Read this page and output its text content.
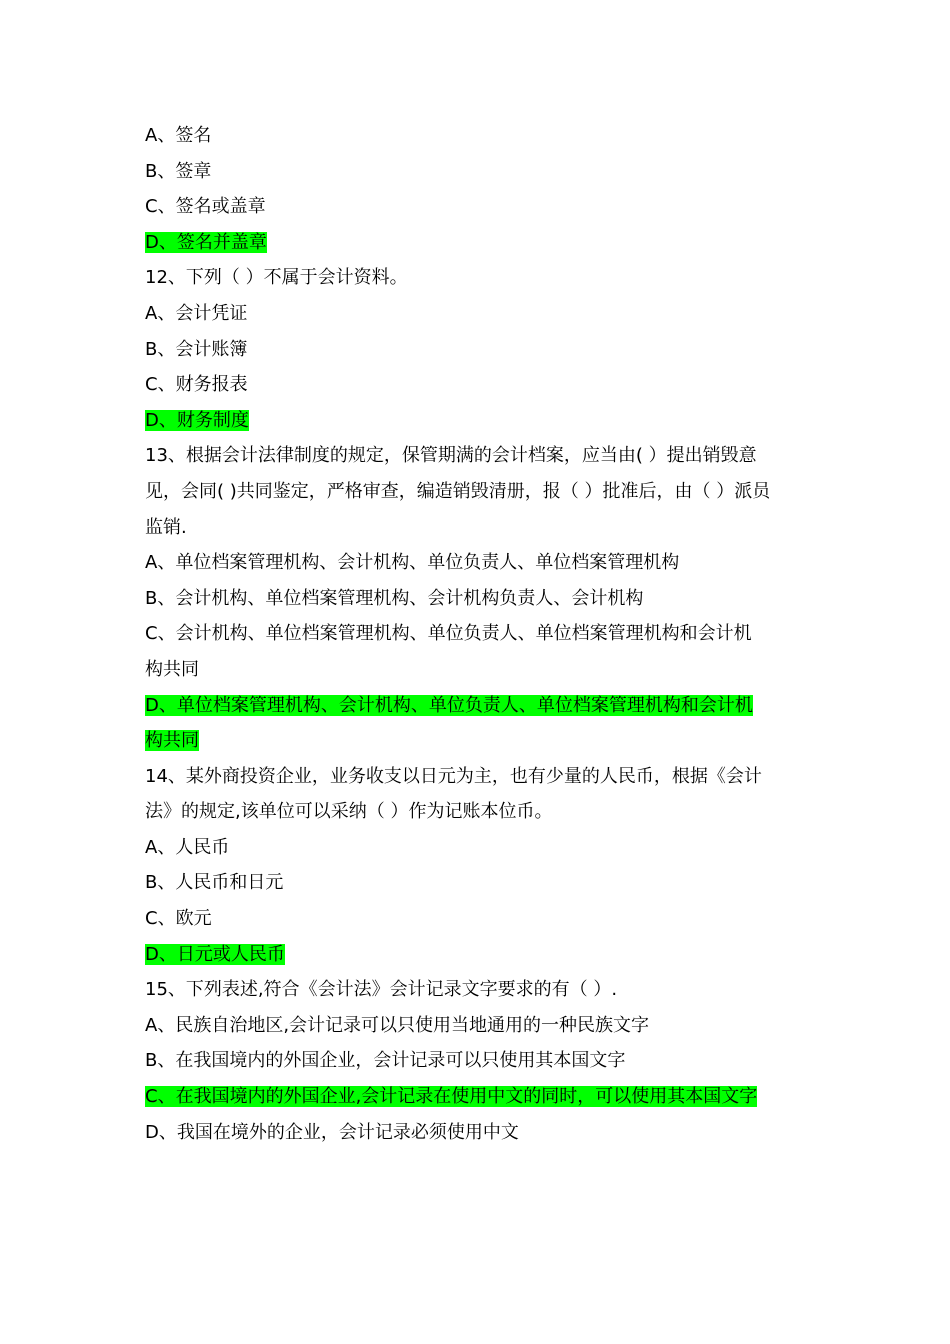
A、签名
B、签章
C、签名或盖章
D、签名并盖章
12、下列（ ）不属于会计资料。
A、会计凭证
B、会计账簿
C、财务报表
D、财务制度
13、根据会计法律制度的规定，保管期满的会计档案，应当由( ）提出销毁意
见，会同( )共同鉴定，严格审查，编造销毁清册，报（ ）批准后，由（ ）派员
监销.
A、单位档案管理机构、会计机构、单位负责人、单位档案管理机构
B、会计机构、单位档案管理机构、会计机构负责人、会计机构
C、会计机构、单位档案管理机构、单位负责人、单位档案管理机构和会计机
构共同
D、单位档案管理机构、会计机构、单位负责人、单位档案管理机构和会计机
构共同
14、某外商投资企业，业务收支以日元为主，也有少量的人民币，根据《会计
法》的规定,该单位可以采纳（ ）作为记账本位币。
A、人民币
B、人民币和日元
C、欧元
D、日元或人民币
15、下列表述,符合《会计法》会计记录文字要求的有（ ）.
A、民族自治地区,会计记录可以只使用当地通用的一种民族文字
B、在我国境内的外国企业，会计记录可以只使用其本国文字
C、在我国境内的外国企业,会计记录在使用中文的同时，可以使用其本国文字
D、我国在境外的企业，会计记录必须使用中文
